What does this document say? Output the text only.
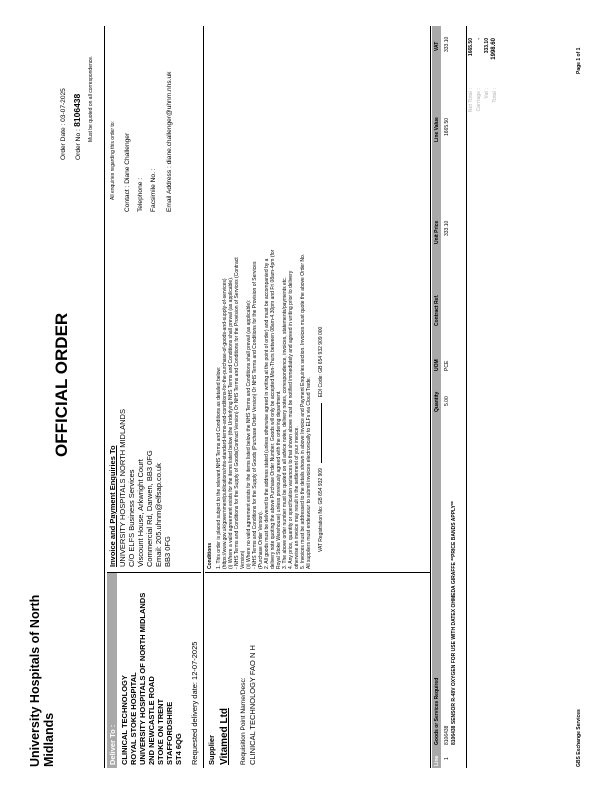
University Hospitals of North Midlands
OFFICIAL ORDER
Order Date : 03-07-2025
Order No : 8106438 Must be quoted on all correspondence.
Deliver To : CLINICAL TECHNOLOGY ROYAL STOKE HOSPITAL UNIVERSITY HOSPITALS OF NORTH MIDLANDS 2ND NEWCASTLE ROAD STOKE ON TRENT STAFFORDSHIRE ST4 6QG Requested delivery date: 12-07-2025
Invoice and Payment Enquiries To UNIVERSITY HOSPITALS NORTH MIDLANDS C/O ELFS Business Services Viscount House, Arkwright Court Commercial Rd, Darwen, BB3 0FG Email: 205.uhnm@elfsap.co.uk BB3 0FG
All enquiries regarding this order to: Contact : Diane Challenger Telephone : Facsimile No. : Email Address : diane.challenger@uhnm.nhs.uk
Supplier Vitamed Ltd Requisition Point Name/Desc: CLINICAL TECHNOLOGY FAO N H
Conditions 1. This order is placed subject to the relevant NHS Terms and Conditions as detailed below: (https://www.gov.uk/government/publications/nhs-standard-terms-and-conditions-for-the-purchase-of-goods-and-supply-of-services) (i) Where a valid agreement exists for the items listed below (the Underlying NHS Terms and Conditions shall prevail (as applicable). - NHS Terms and Conditions for the Supply of Goods(Contract Version) Or NHS Terms and Conditions for the Provision of Services (Contract Version) (ii) Where no valid agreement exists for the items listed below the NHS Terms and Conditions shall prevail (as applicable): - NHS Terms and Conditions for the Supply of Goods (Purchase Order Version) Or NHS Terms and Conditions for the Provision of Services (Purchase Order Version). 2. All goods must be delivered to the address stated (unless otherwise agreed in writing at the point of order) and must be accompanied by a delivery note quoting the above Purchase Order Number. Goods will only be accepted Mon-Thurs between 08am-4.30pm and Fri 08am-4pm (for Royal Stoke Warehouse) unless previously agreed with the ordering department. 3. The above order number must be quoted on all advice notes, delivery notes, correspondence, invoices, statements/payments etc. 4. Any price, quantity or specification variances to that shown above must be notified immediately and agreed in writing prior to delivery otherwise an invoice may result in the settlement of your invoice. 5. Invoices must be addressed to the details shown in above Invoice and Payment Enquiries section. Invoices must quote the above Order No. All suppliers must endeavour to submit invoices electronically to ELFs via Cloud Trade. VAT Registration No: GB 654 932 909  EDI Code: GB 654 932 909 000
Line
Goods or Services Required
Quantity
UOM
Contract Ref.
Unit Price
Line Value
VAT
1
8106438 8106438 SENSOR R-48V OXYGEN FOR USE WITH DATEX OHMEDA GIRAFFE **PRICE BANDS APPLY**
5.00
PCE
333.10
1665.50
333.10
Net Total :
1665.50
Carriage :
-
Vat :
333.10
Total :
1998.60
GBS Exchange Services
Page 1 of 1
